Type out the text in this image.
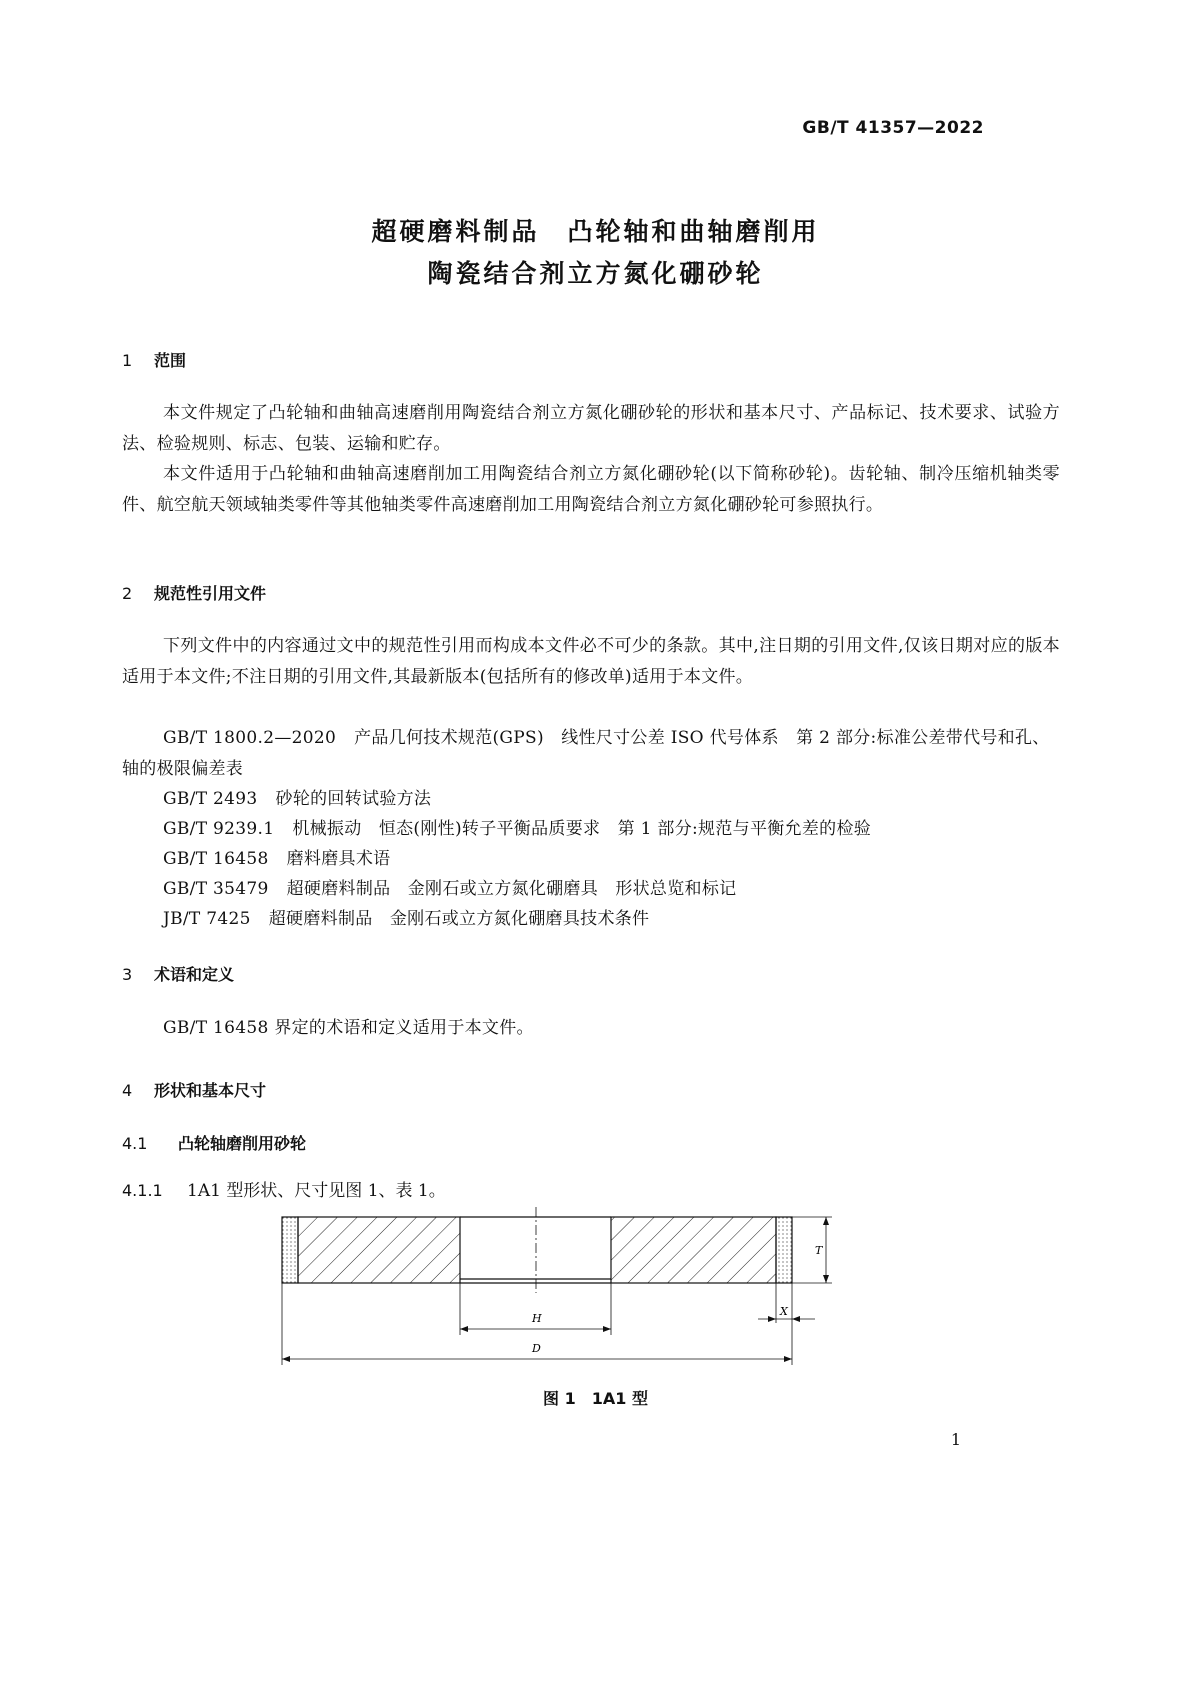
GB/T 41357—2022
超硬磨料制品　凸轮轴和曲轴磨削用
陶瓷结合剂立方氮化硼砂轮
1 范围
本文件规定了凸轮轴和曲轴高速磨削用陶瓷结合剂立方氮化硼砂轮的形状和基本尺寸、产品标记、技术要求、试验方法、检验规则、标志、包装、运输和贮存。
本文件适用于凸轮轴和曲轴高速磨削加工用陶瓷结合剂立方氮化硼砂轮(以下简称砂轮)。齿轮轴、制冷压缩机轴类零件、航空航天领域轴类零件等其他轴类零件高速磨削加工用陶瓷结合剂立方氮化硼砂轮可参照执行。
2 规范性引用文件
下列文件中的内容通过文中的规范性引用而构成本文件必不可少的条款。其中,注日期的引用文件,仅该日期对应的版本适用于本文件;不注日期的引用文件,其最新版本(包括所有的修改单)适用于本文件。
GB/T 1800.2—2020 产品几何技术规范(GPS)　线性尺寸公差 ISO 代号体系　第 2 部分:标准公差带代号和孔、轴的极限偏差表
GB/T 2493 砂轮的回转试验方法
GB/T 9239.1 机械振动　恒态(刚性)转子平衡品质要求　第 1 部分:规范与平衡允差的检验
GB/T 16458 磨料磨具术语
GB/T 35479 超硬磨料制品　金刚石或立方氮化硼磨具　形状总览和标记
JB/T 7425 超硬磨料制品　金刚石或立方氮化硼磨具技术条件
3 术语和定义
GB/T 16458 界定的术语和定义适用于本文件。
4 形状和基本尺寸
4.1 凸轮轴磨削用砂轮
4.1.1 1A1 型形状、尺寸见图 1、表 1。
T
X
H
D
图 1　1A1 型
1
